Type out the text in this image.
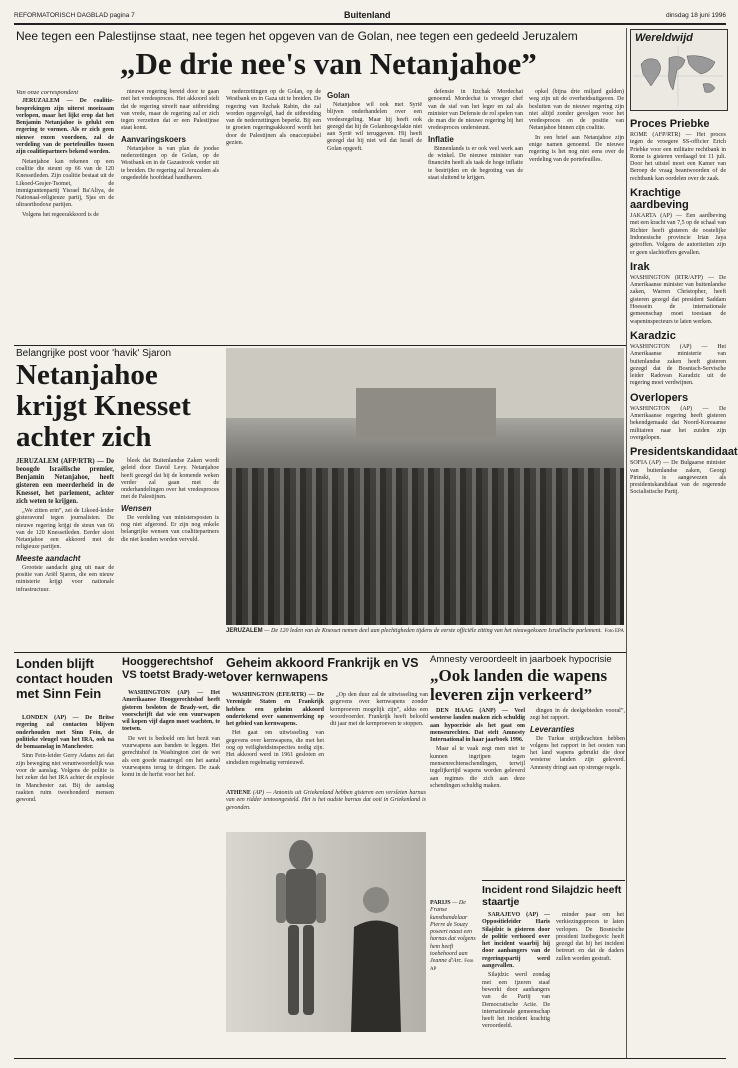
REFORMATORISCH DAGBLAD pagina 7	Buitenland	dinsdag 18 juni 1996
Nee tegen een Palestijnse staat, nee tegen het opgeven van de Golan, nee tegen een gedeeld Jeruzalem
„De drie nee's van Netanjahoe”

Van onze correspondent

JERUZALEM — De coalitie-besprekingen zijn uiterst moeizaam verlopen, maar het lijkt erop dat het Benjamin Netanjahoe is gelukt een regering te vormen. Als er zich geen nieuwe rozen voordoen, zal de verdeling van de portefeuilles tussen zijn coalitiepartners bekend worden.

Netanjahoe kan rekenen op een coalitie die steunt op 66 van de 120 Knessetleden. Zijn coalitie bestaat uit de Likoed-Gesjer-Tsomet, de immigrantenpartij Yisrael Ba'Aliya, de Nationaal-religieuze partij, Sjas en de ultraorthodoxe partijen.

Volgens het regeerakkoord is de

nieuwe regering bereid door te gaan met het vredesproces. Het akkoord stelt dat de regering streeft naar uitbreiding van vrede, maar de regering zal er zich tegen verzetten dat er een Palestijnse staat komt.

Aanvaringskoers

Netanjahoe is van plan de joodse nederzettingen op de Golan, op de Westbank en in de Gazastrook verder uit te breiden. De regering zal Jeruzalem als ongedeelde hoofdstad handhaven.

nederzettingen op de Golan, op de Westbank en in Gaza uit te breiden. De regering van Itzchak Rabin, die zal worden opgevolgd, had de uitbreiding van de nederzettingen beperkt. Bij een te groeien regeringsakkoord wordt het door de Palestijnen als onacceptabel gezien.

Golan

Netanjahoe wil ook met Syrië blijven onderhandelen over een vredesregeling. Maar hij heeft ook gezegd dat hij de Golanhoogvlakte niet aan Syrië wil teruggeven. Hij heeft gezegd dat hij niet wil dat Israël de Golan opgeeft.

defensie in Itzchak Mordechai genoemd. Mordechai is vroeger chef van de staf van het leger en zal als minister van Defensie de rol spelen van de man die de nieuwe regering bij het vredesproces ondersteunt.

Inflatie

Binnenlands is er ook veel werk aan de winkel. De nieuwe minister van financiën heeft als taak de hoge inflatie te bestrijden en de begroting van de staat sluitend te krijgen.

opkel (bijna drie miljard gulden) weg zijn uit de overheidsuitgaven. De besluiten van de nieuwe regering zijn niet altijd zonder gevolgen voor het vredesproces en de positie van Netanjahoe binnen zijn coalitie.

In een brief aan Netanjahoe zijn enige namen genoemd. De nieuwe regering is het nog niet eens over de verdeling van de portefeuilles.

Wereldwijd
Proces Priebke

ROME (AFP/RTR) — Het proces tegen de vroegere SS-officier Erich Priebke voor een militaire rechtbank in Rome is gisteren verdaagd tot 11 juli. Door het uitstel moet een Kamer van Beroep de vraag beantwoorden of de rechtbank kan oordelen over de zaak.

Krachtige aardbeving

JAKARTA (AP) — Een aardbeving met een kracht van 7,5 op de schaal van Richter heeft gisteren de oostelijke Indonesische provincie Irian Jaya getroffen. Volgens de autoriteiten zijn er geen slachtoffers gevallen.

Irak

WASHINGTON (RTR/AFP) — De Amerikaanse minister van buitenlandse zaken, Warren Christopher, heeft gisteren gezegd dat president Saddam Hoessein de internationale gemeenschap moet toestaan de wapeninspecteurs te laten werken.

Karadzic

WASHINGTON (AP) — Het Amerikaanse ministerie van buitenlandse zaken heeft gisteren gezegd dat de Bosnisch-Servische leider Radovan Karadzic uit de regering moet verdwijnen.

Overlopers

WASHINGTON (AP) — De Amerikaanse regering heeft gisteren bekendgemaakt dat Noord-Koreaanse militairen naar het zuiden zijn overgelopen.

Presidentskandidaat

SOFIA (AP) — De Bulgaarse minister van buitenlandse zaken, Georgi Pirinski, is aangewezen als presidentskandidaat van de regerende Socialistische Partij.

Belangrijke post voor 'havik' Sjaron
Netanjahoe
krijgt Knesset
achter zich

JERUZALEM (AFP/RTR) — De beoogde Israëlische premier, Benjamin Netanjahoe, heeft gisteren een meerderheid in de Knesset, het parlement, achter zich weten te krijgen.

„We zitten erin”, zei de Likoed-leider gisteravond tegen journalisten. De nieuwe regering krijgt de steun van 66 van de 120 Knessetleden. Eerder sloot Netanjahoe een akkoord met de religieuze partijen.

Meeste aandacht

Grootste aandacht ging uit naar de positie van Ariël Sjaron, die een nieuw ministerie krijgt voor nationale infrastructuur.

bleek dat Buitenlandse Zaken wordt geleid door David Levy. Netanjahoe heeft gezegd dat hij de komende weken verder zal gaan met de onderhandelingen over het vredesproces met de Palestijnen.

Wensen

De verdeling van ministersposten is nog niet afgerond. Er zijn nog enkele belangrijke wensen van coalitiepartners die niet konden worden vervuld.

JERUZALEM — De 120 leden van de Knesset nemen deel aan plechtigheden tijdens de eerste officiële zitting van het nieuwgekozen Israëlische parlement. Foto EPA
Londen blijft contact houden met Sinn Fein

LONDEN (AP) — De Britse regering zal contacten blijven onderhouden met Sinn Fein, de politieke vleugel van het IRA, ook na de bomaanslag in Manchester.

Sinn Fein-leider Gerry Adams zei dat zijn beweging niet verantwoordelijk was voor de aanslag. Volgens de politie is het zeker dat het IRA achter de explosie in Manchester zat. Bij de aanslag raakten ruim tweehonderd mensen gewond.

Hooggerechtshof VS toetst Brady-wet

WASHINGTON (AP) — Het Amerikaanse Hooggerechtshof heeft gisteren besloten de Brady-wet, die voorschrijft dat wie een vuurwapen wil kopen vijf dagen moet wachten, te toetsen.

De wet is bedoeld om het bezit van vuurwapens aan banden te leggen. Het gerechtshof in Washington ziet de wet als een goede maatregel om het aantal vuurwapens terug te dringen. De zaak komt in de herfst voor het hof.

Geheim akkoord Frankrijk en VS over kernwapens

WASHINGTON (EFE/RTR) — De Verenigde Staten en Frankrijk hebben een geheim akkoord ondertekend over samenwerking op het gebied van kernwapens.

Het gaat om uitwisseling van gegevens over kernwapens, die met het oog op veiligheidsinspecties nodig zijn. Het akkoord werd in 1961 gesloten en sindsdien regelmatig vernieuwd.

„Op den duur zal de uitwisseling van gegevens over kernwapens zonder kernproeven mogelijk zijn”, aldus een woordvoerder. Frankrijk heeft beloofd dit jaar met de kernproeven te stoppen.

ATHENE (AP) — Antoniis uit Griekenland hebben gisteren een versleten harnas van een ridder tentoongesteld. Het is het oudste harnas dat ooit in Griekenland is gevonden.

PARIJS — De Franse kunsthandelaar Pierre de Souzy poseert naast een harnas dat volgens hem heeft toebehoord aan Jeanne d'Arc. Foto AP

Amnesty veroordeelt in jaarboek hypocrisie
„Ook landen die wapens leveren zijn verkeerd”

DEN HAAG (ANP) — Veel westerse landen maken zich schuldig aan hypocrisie als het gaat om mensenrechten. Dat stelt Amnesty International in haar jaarboek 1996.

Maar al te vaak zegt men niet te kunnen ingrijpen tegen mensenrechtenschendingen, terwijl tegelijkertijd wapens worden geleverd aan regimes die zich aan deze schendingen schuldig maken.

dingen in de deelgebieden vooral”, zegt het rapport.

Leveranties

De Turkse strijdkrachten hebben volgens het rapport in het oosten van het land wapens gebruikt die door westerse landen zijn geleverd. Amnesty dringt aan op strenge regels.

Incident rond Silajdzic heeft staartje

SARAJEVO (AP) — Oppositieleider Haris Silajdzic is gisteren door de politie verhoord over het incident waarbij hij door aanhangers van de regeringspartij werd aangevallen.

Silajdzic werd zondag met een ijzeren staaf bewerkt door aanhangers van de Partij van Democratische Actie. De internationale gemeenschap heeft het incident krachtig veroordeeld.

minder paar om het verkiezingsproces te laten verlopen. De Bosnische president Izetbegovic heeft gezegd dat hij het incident betreurt en dat de daders zullen worden gestraft.
